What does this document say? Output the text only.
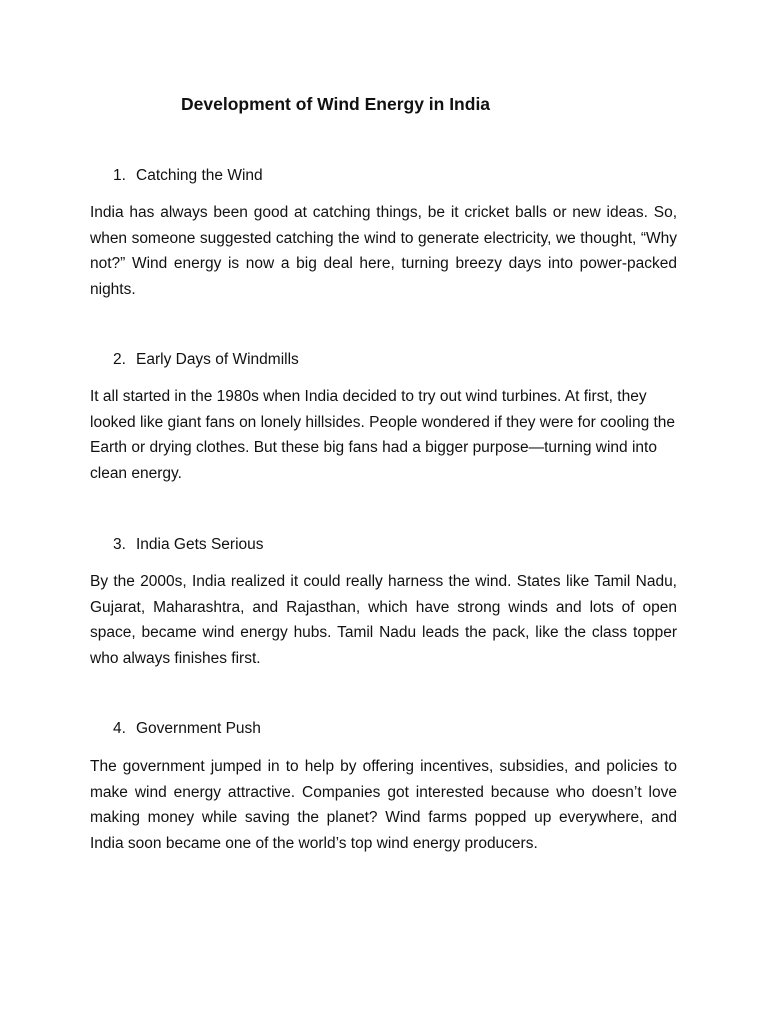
Development of Wind Energy in India
1. Catching the Wind
India has always been good at catching things, be it cricket balls or new ideas. So, when someone suggested catching the wind to generate electricity, we thought, “Why not?” Wind energy is now a big deal here, turning breezy days into power-packed nights.
2. Early Days of Windmills
It all started in the 1980s when India decided to try out wind turbines. At first, they looked like giant fans on lonely hillsides. People wondered if they were for cooling the Earth or drying clothes. But these big fans had a bigger purpose—turning wind into clean energy.
3. India Gets Serious
By the 2000s, India realized it could really harness the wind. States like Tamil Nadu, Gujarat, Maharashtra, and Rajasthan, which have strong winds and lots of open space, became wind energy hubs. Tamil Nadu leads the pack, like the class topper who always finishes first.
4. Government Push
The government jumped in to help by offering incentives, subsidies, and policies to make wind energy attractive. Companies got interested because who doesn’t love making money while saving the planet? Wind farms popped up everywhere, and India soon became one of the world’s top wind energy producers.
